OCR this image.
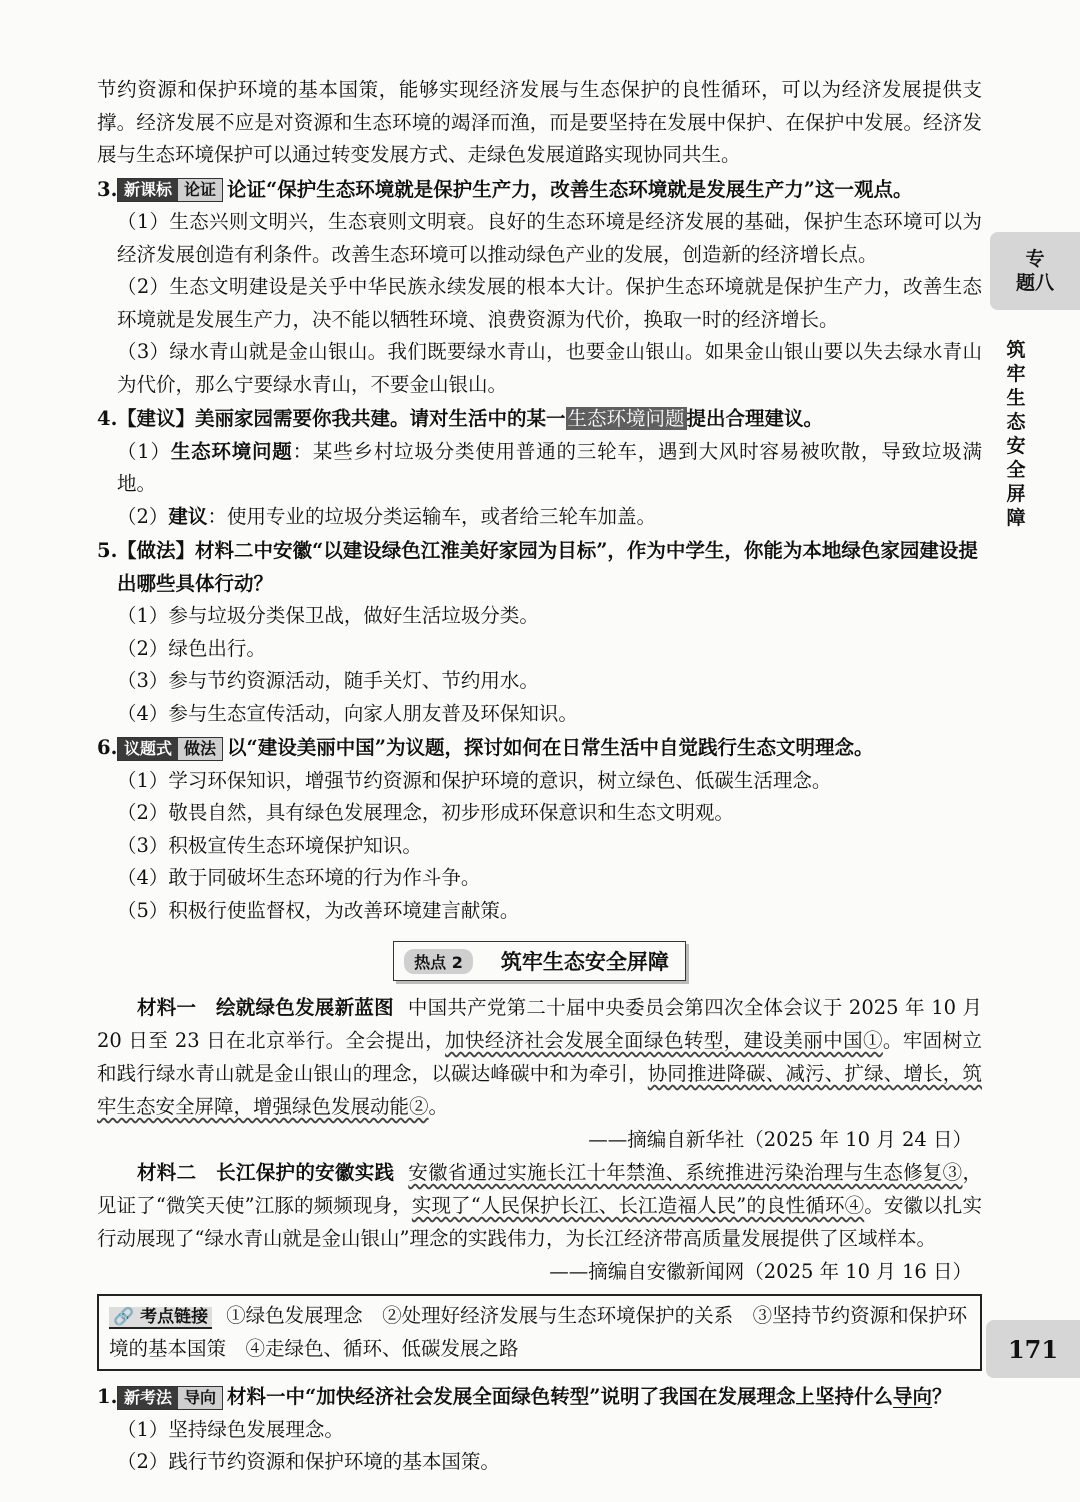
节约资源和保护环境的基本国策，能够实现经济发展与生态保护的良性循环，可以为经济发展提供支撑。经济发展不应是对资源和生态环境的竭泽而渔，而是要坚持在发展中保护、在保护中发展。经济发展与生态环境保护可以通过转变发展方式、走绿色发展道路实现协同共生。

3. 新课标 论证 论证“保护生态环境就是保护生产力，改善生态环境就是发展生产力”这一观点。

（1）生态兴则文明兴，生态衰则文明衰。良好的生态环境是经济发展的基础，保护生态环境可以为经济发展创造有利条件。改善生态环境可以推动绿色产业的发展，创造新的经济增长点。

（2）生态文明建设是关乎中华民族永续发展的根本大计。保护生态环境就是保护生产力，改善生态环境就是发展生产力，决不能以牺牲环境、浪费资源为代价，换取一时的经济增长。

（3）绿水青山就是金山银山。我们既要绿水青山，也要金山银山。如果金山银山要以失去绿水青山为代价，那么宁要绿水青山，不要金山银山。

4. 【建议】美丽家园需要你我共建。请对生活中的某一 生态环境问题 提出合理建议。

（1）生态环境问题：某些乡村垃圾分类使用普通的三轮车，遇到大风时容易被吹散，导致垃圾满地。

（2）建议：使用专业的垃圾分类运输车，或者给三轮车加盖。

5. 【做法】材料二中安徽“以建设绿色江淮美好家园为目标”，作为中学生，你能为本地绿色家园建设提出哪些具体行动？

（1）参与垃圾分类保卫战，做好生活垃圾分类。

（2）绿色出行。

（3）参与节约资源活动，随手关灯、节约用水。

（4）参与生态宣传活动，向家人朋友普及环保知识。

6. 议题式 做法 以“建设美丽中国”为议题，探讨如何在日常生活中自觉践行生态文明理念。

（1）学习环保知识，增强节约资源和保护环境的意识，树立绿色、低碳生活理念。

（2）敬畏自然，具有绿色发展理念，初步形成环保意识和生态文明观。

（3）积极宣传生态环境保护知识。

（4）敢于同破坏生态环境的行为作斗争。

（5）积极行使监督权，为改善环境建言献策。

热点 2	筑牢生态安全屏障

材料一　绘就绿色发展新蓝图 中国共产党第二十届中央委员会第四次全体会议于 2025 年 10 月 20 日至 23 日在北京举行。全会提出，加快经济社会发展全面绿色转型，建设美丽中国①。牢固树立和践行绿水青山就是金山银山的理念，以碳达峰碳中和为牵引，协同推进降碳、减污、扩绿、增长，筑牢生态安全屏障，增强绿色发展动能②。

——摘编自新华社（2025 年 10 月 24 日）

材料二　长江保护的安徽实践 安徽省通过实施长江十年禁渔、系统推进污染治理与生态修复③，见证了“微笑天使”江豚的频频现身，实现了“人民保护长江、长江造福人民”的良性循环④。安徽以扎实行动展现了“绿水青山就是金山银山”理念的实践伟力，为长江经济带高质量发展提供了区域样本。

——摘编自安徽新闻网（2025 年 10 月 16 日）

🔗 考点链接 ①绿色发展理念　②处理好经济发展与生态环境保护的关系　③坚持节约资源和保护环境的基本国策　④走绿色、循环、低碳发展之路
1. 新考法 导向 材料一中“加快经济社会发展全面绿色转型”说明了我国在发展理念上坚持什么导向？

（1）坚持绿色发展理念。

（2）践行节约资源和保护环境的基本国策。

专
题八
筑牢生态安全屏障
171
